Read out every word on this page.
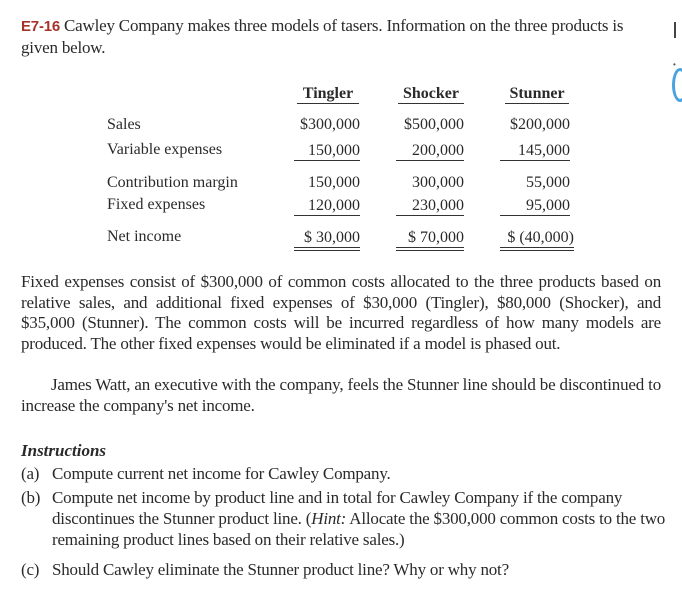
E7-16 Cawley Company makes three models of tasers. Information on the three products is given below.
•
Tingler	Shocker	Stunner
Sales
Variable expenses
Contribution margin
Fixed expenses
Net income
$300,000
150,000
150,000
120,000
$ 30,000
$500,000
200,000
300,000
230,000
$ 70,000
$200,000
145,000
55,000
95,000
$ (40,000)
Fixed expenses consist of $300,000 of common costs allocated to the three products based on relative sales, and additional fixed expenses of $30,000 (Tingler), $80,000 (Shocker), and $35,000 (Stunner). The common costs will be incurred regardless of how many models are produced. The other fixed expenses would be eliminated if a model is phased out.
James Watt, an executive with the company, feels the Stunner line should be discontinued to increase the company's net income.
Instructions
(a) Compute current net income for Cawley Company.
(b) Compute net income by product line and in total for Cawley Company if the company discontinues the Stunner product line. (Hint: Allocate the $300,000 common costs to the two remaining product lines based on their relative sales.)
(c) Should Cawley eliminate the Stunner product line? Why or why not?
